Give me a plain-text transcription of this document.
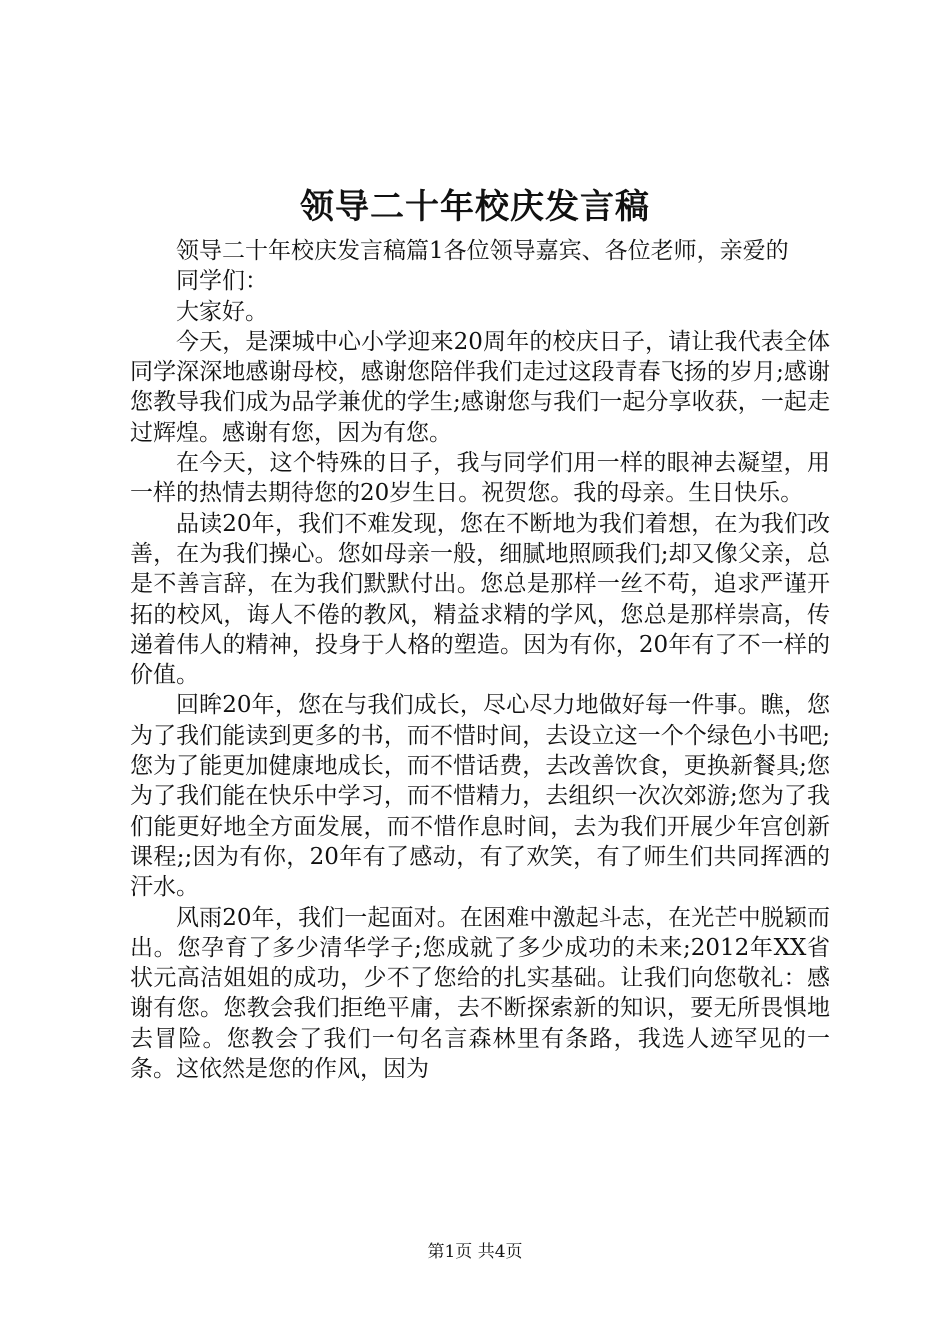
领导二十年校庆发言稿

领导二十年校庆发言稿篇1各位领导嘉宾、各位老师，亲爱的

同学们：

大家好。

今天，是溧城中心小学迎来20周年的校庆日子，请让我代表全体同学深深地感谢母校，感谢您陪伴我们走过这段青春飞扬的岁月;感谢您教导我们成为品学兼优的学生;感谢您与我们一起分享收获，一起走过辉煌。感谢有您，因为有您。

在今天，这个特殊的日子，我与同学们用一样的眼神去凝望，用一样的热情去期待您的20岁生日。祝贺您。我的母亲。生日快乐。

品读20年，我们不难发现，您在不断地为我们着想，在为我们改善，在为我们操心。您如母亲一般，细腻地照顾我们;却又像父亲，总是不善言辞，在为我们默默付出。您总是那样一丝不苟，追求严谨开拓的校风，诲人不倦的教风，精益求精的学风，您总是那样崇高，传递着伟人的精神，投身于人格的塑造。因为有你，20年有了不一样的价值。

回眸20年，您在与我们成长，尽心尽力地做好每一件事。瞧，您为了我们能读到更多的书，而不惜时间，去设立这一个个绿色小书吧;您为了能更加健康地成长，而不惜话费，去改善饮食，更换新餐具;您为了我们能在快乐中学习，而不惜精力，去组织一次次郊游;您为了我们能更好地全方面发展，而不惜作息时间，去为我们开展少年宫创新课程;;因为有你，20年有了感动，有了欢笑，有了师生们共同挥洒的汗水。

风雨20年，我们一起面对。在困难中激起斗志，在光芒中脱颖而出。您孕育了多少清华学子;您成就了多少成功的未来;2012年XX省状元高洁姐姐的成功，少不了您给的扎实基础。让我们向您敬礼：感谢有您。您教会我们拒绝平庸，去不断探索新的知识，要无所畏惧地去冒险。您教会了我们一句名言森林里有条路，我选人迹罕见的一条。这依然是您的作风，因为

第1页 共4页
